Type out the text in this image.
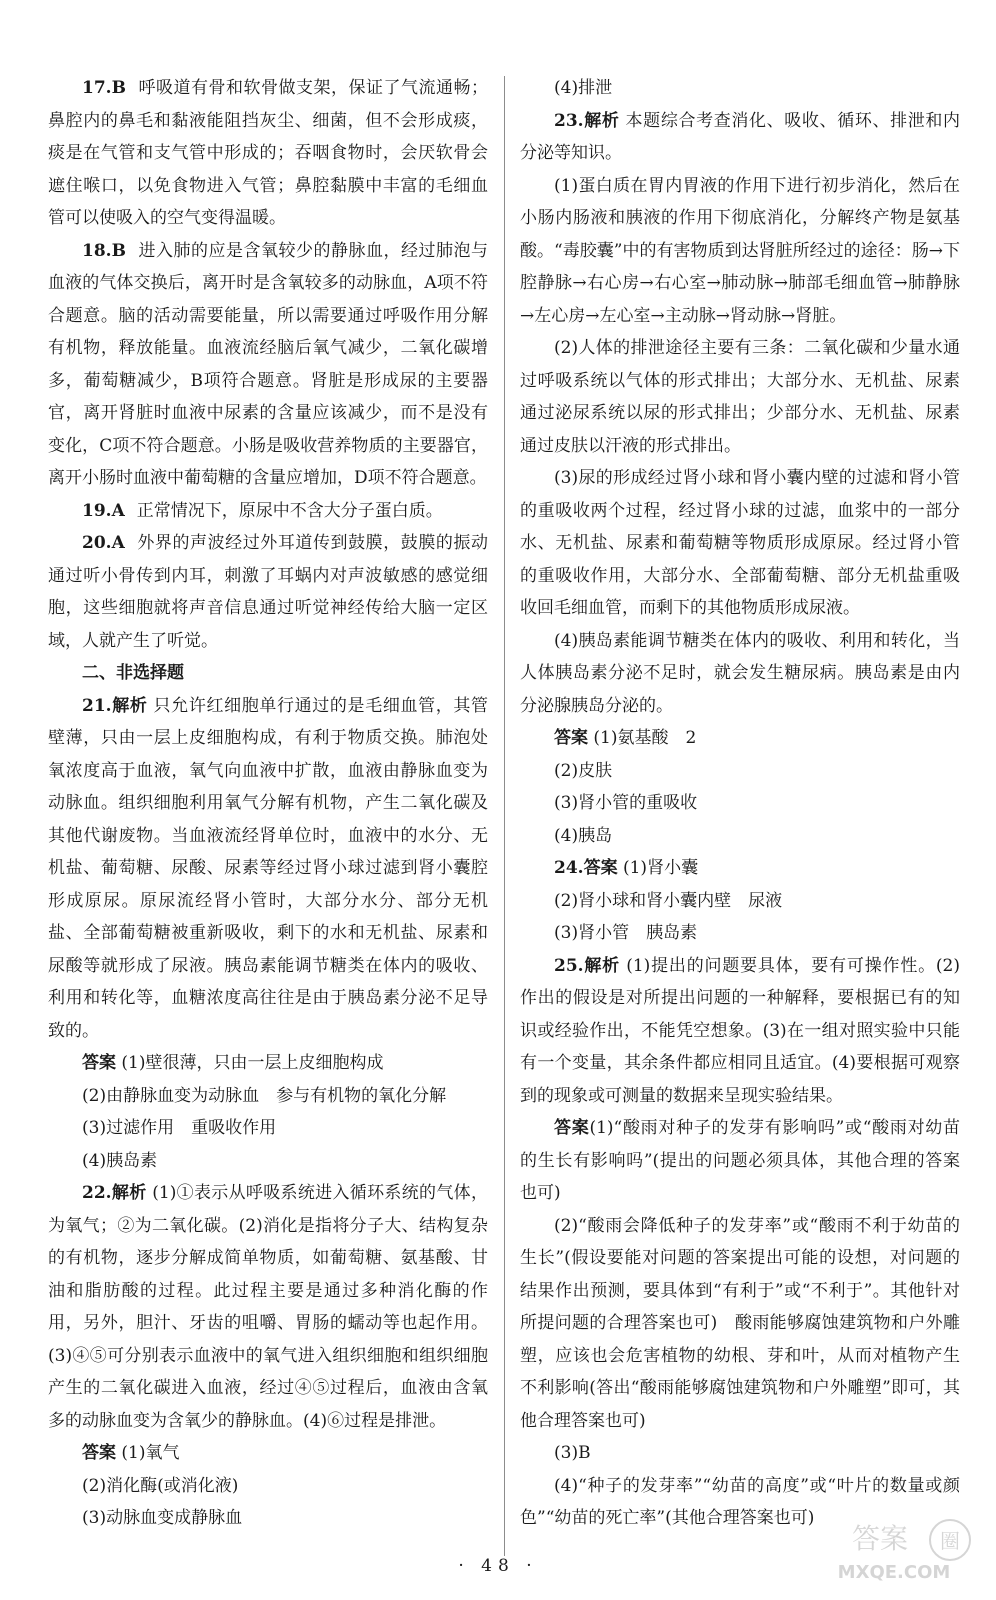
17.B 呼吸道有骨和软骨做支架，保证了气流通畅；鼻腔内的鼻毛和黏液能阻挡灰尘、细菌，但不会形成痰，痰是在气管和支气管中形成的；吞咽食物时，会厌软骨会遮住喉口，以免食物进入气管；鼻腔黏膜中丰富的毛细血管可以使吸入的空气变得温暖。

18.B 进入肺的应是含氧较少的静脉血，经过肺泡与血液的气体交换后，离开时是含氧较多的动脉血，A项不符合题意。脑的活动需要能量，所以需要通过呼吸作用分解有机物，释放能量。血液流经脑后氧气减少，二氧化碳增多，葡萄糖减少，B项符合题意。肾脏是形成尿的主要器官，离开肾脏时血液中尿素的含量应该减少，而不是没有变化，C项不符合题意。小肠是吸收营养物质的主要器官，离开小肠时血液中葡萄糖的含量应增加，D项不符合题意。

19.A 正常情况下，原尿中不含大分子蛋白质。

20.A 外界的声波经过外耳道传到鼓膜，鼓膜的振动通过听小骨传到内耳，刺激了耳蜗内对声波敏感的感觉细胞，这些细胞就将声音信息通过听觉神经传给大脑一定区域，人就产生了听觉。

二、非选择题

21.解析 只允许红细胞单行通过的是毛细血管，其管壁薄，只由一层上皮细胞构成，有利于物质交换。肺泡处氧浓度高于血液，氧气向血液中扩散，血液由静脉血变为动脉血。组织细胞利用氧气分解有机物，产生二氧化碳及其他代谢废物。当血液流经肾单位时，血液中的水分、无机盐、葡萄糖、尿酸、尿素等经过肾小球过滤到肾小囊腔形成原尿。原尿流经肾小管时，大部分水分、部分无机盐、全部葡萄糖被重新吸收，剩下的水和无机盐、尿素和尿酸等就形成了尿液。胰岛素能调节糖类在体内的吸收、利用和转化等，血糖浓度高往往是由于胰岛素分泌不足导致的。

答案 (1)壁很薄，只由一层上皮细胞构成

(2)由静脉血变为动脉血　参与有机物的氧化分解

(3)过滤作用　重吸收作用

(4)胰岛素

22.解析 (1)①表示从呼吸系统进入循环系统的气体，为氧气；②为二氧化碳。(2)消化是指将分子大、结构复杂的有机物，逐步分解成简单物质，如葡萄糖、氨基酸、甘油和脂肪酸的过程。此过程主要是通过多种消化酶的作用，另外，胆汁、牙齿的咀嚼、胃肠的蠕动等也起作用。(3)④⑤可分别表示血液中的氧气进入组织细胞和组织细胞产生的二氧化碳进入血液，经过④⑤过程后，血液由含氧多的动脉血变为含氧少的静脉血。(4)⑥过程是排泄。

答案 (1)氧气

(2)消化酶(或消化液)

(3)动脉血变成静脉血

(4)排泄

23.解析 本题综合考查消化、吸收、循环、排泄和内分泌等知识。

(1)蛋白质在胃内胃液的作用下进行初步消化，然后在小肠内肠液和胰液的作用下彻底消化，分解终产物是氨基酸。“毒胶囊”中的有害物质到达肾脏所经过的途径：肠→下腔静脉→右心房→右心室→肺动脉→肺部毛细血管→肺静脉→左心房→左心室→主动脉→肾动脉→肾脏。

(2)人体的排泄途径主要有三条：二氧化碳和少量水通过呼吸系统以气体的形式排出；大部分水、无机盐、尿素通过泌尿系统以尿的形式排出；少部分水、无机盐、尿素通过皮肤以汗液的形式排出。

(3)尿的形成经过肾小球和肾小囊内壁的过滤和肾小管的重吸收两个过程，经过肾小球的过滤，血浆中的一部分水、无机盐、尿素和葡萄糖等物质形成原尿。经过肾小管的重吸收作用，大部分水、全部葡萄糖、部分无机盐重吸收回毛细血管，而剩下的其他物质形成尿液。

(4)胰岛素能调节糖类在体内的吸收、利用和转化，当人体胰岛素分泌不足时，就会发生糖尿病。胰岛素是由内分泌腺胰岛分泌的。

答案 (1)氨基酸　2

(2)皮肤

(3)肾小管的重吸收

(4)胰岛

24.答案 (1)肾小囊

(2)肾小球和肾小囊内壁　尿液

(3)肾小管　胰岛素

25.解析 (1)提出的问题要具体，要有可操作性。(2)作出的假设是对所提出问题的一种解释，要根据已有的知识或经验作出，不能凭空想象。(3)在一组对照实验中只能有一个变量，其余条件都应相同且适宜。(4)要根据可观察到的现象或可测量的数据来呈现实验结果。

答案(1)“酸雨对种子的发芽有影响吗”或“酸雨对幼苗的生长有影响吗”(提出的问题必须具体，其他合理的答案也可)

(2)“酸雨会降低种子的发芽率”或“酸雨不利于幼苗的生长”(假设要能对问题的答案提出可能的设想，对问题的结果作出预测，要具体到“有利于”或“不利于”。其他针对所提问题的合理答案也可)　酸雨能够腐蚀建筑物和户外雕塑，应该也会危害植物的幼根、芽和叶，从而对植物产生不利影响(答出“酸雨能够腐蚀建筑物和户外雕塑”即可，其他合理答案也可)

(3)B

(4)“种子的发芽率”“幼苗的高度”或“叶片的数量或颜色”“幼苗的死亡率”(其他合理答案也可)

· 48 ·
答案 圈
MXQE.COM
